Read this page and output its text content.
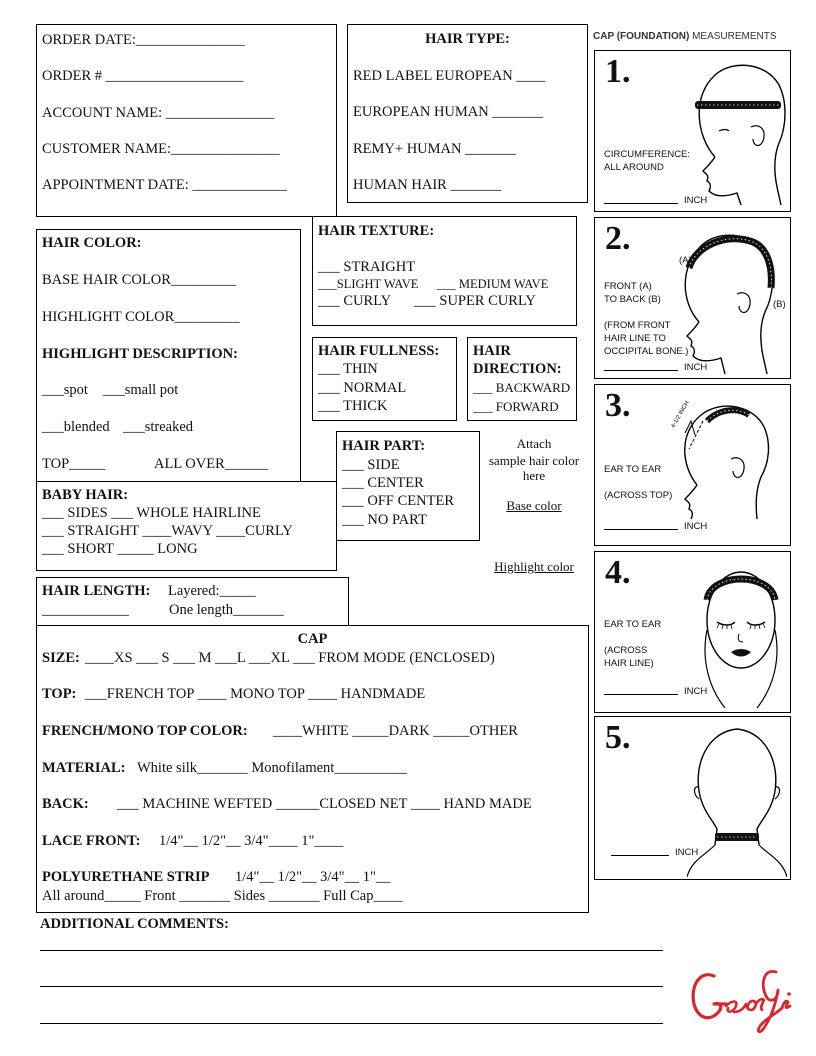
ORDER DATE:_______________
ORDER # ___________________
ACCOUNT NAME: _______________
CUSTOMER NAME:_______________
APPOINTMENT DATE: _____________
HAIR TYPE:
RED LABEL EUROPEAN ____
EUROPEAN HUMAN _______
REMY+ HUMAN _______
HUMAN HAIR _______
HAIR COLOR:
BASE HAIR COLOR_________
HIGHLIGHT COLOR_________
HIGHLIGHT DESCRIPTION:
___spot ___small pot
___blended ___streaked
TOP_____	ALL OVER______
HAIR TEXTURE:
___ STRAIGHT
___SLIGHT WAVE ___ MEDIUM WAVE
___ CURLY ___ SUPER CURLY
HAIR FULLNESS:
___ THIN
___ NORMAL
___ THICK
HAIR
DIRECTION:
___ BACKWARD
___ FORWARD
HAIR PART:
___ SIDE
___ CENTER
___ OFF CENTER
___ NO PART
Attach
sample hair color
here
Base color
Highlight color
BABY HAIR:
___ SIDES ___ WHOLE HAIRLINE
___ STRAIGHT ____WAVY ____CURLY
___ SHORT _____ LONG
HAIR LENGTH: Layered:_____
____________	One length_______
CAP
SIZE: ____XS ___ S ___ M ___L ___XL ___ FROM MODE (ENCLOSED)
TOP: ___FRENCH TOP ____ MONO TOP ____ HANDMADE
FRENCH/MONO TOP COLOR: ____WHITE _____DARK _____OTHER
MATERIAL: White silk_______ Monofilament__________
BACK: ___ MACHINE WEFTED ______CLOSED NET ____ HAND MADE
LACE FRONT: 1/4"__ 1/2"__ 3/4"____ 1"____
POLYURETHANE STRIP 1/4"__ 1/2"__ 3/4"__ 1"__
All around_____ Front _______ Sides _______ Full Cap____
ADDITIONAL COMMENTS:
CAP (FOUNDATION) MEASUREMENTS
1.
CIRCUMFERENCE:
ALL AROUND
INCH
2.
FRONT (A)
TO BACK (B)

(FROM FRONT
HAIR LINE TO
OCCIPITAL BONE.)
INCH
(A)
(B)
3.
EAR TO EAR

(ACROSS TOP)
INCH
4-1/2 INCH
4.
EAR TO EAR

(ACROSS
HAIR LINE)
INCH
5.
INCH
